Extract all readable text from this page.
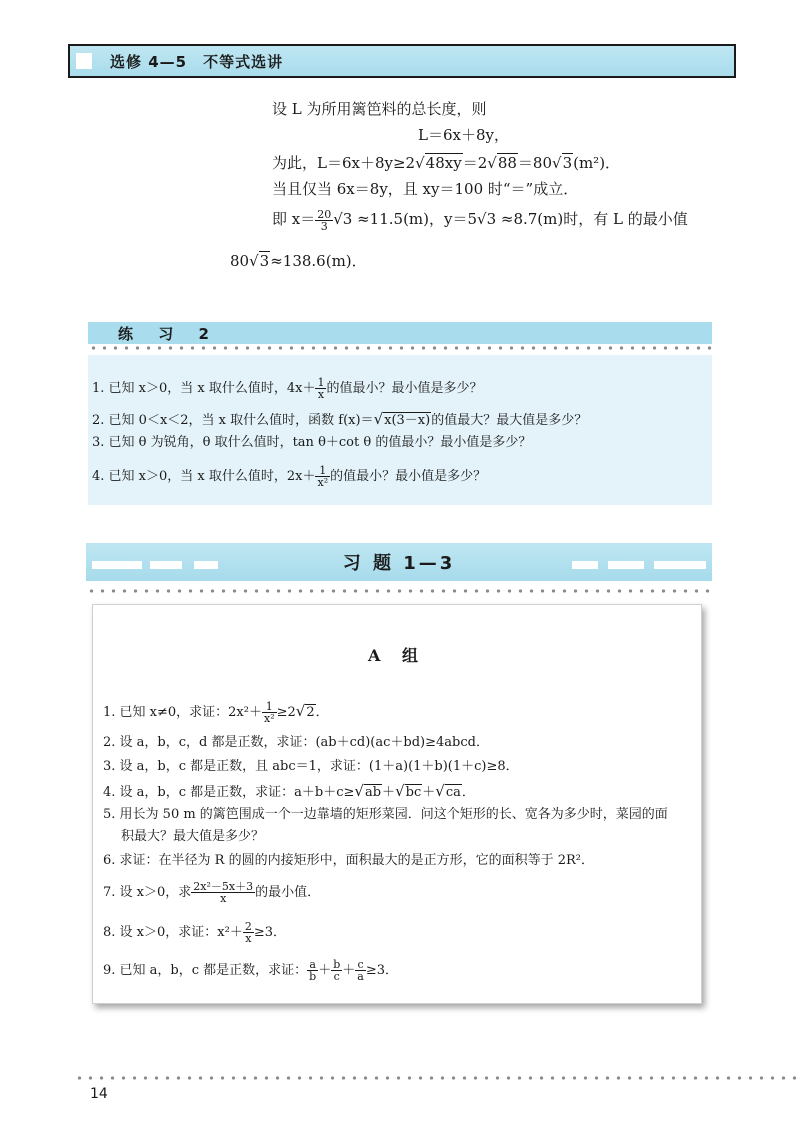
选修 4—5　不等式选讲
设 L 为所用篱笆料的总长度，则
L＝6x＋8y，
为此，L＝6x＋8y≥2√48xy＝2√88＝80√3(m²)．
当且仅当 6x＝8y，且 xy＝100 时“＝”成立．
即 $x= \frac{20}{3} √3 \approx 11.5(m)$，y＝5√3 ≈8.7(m)时，有 L 的最小值
80√3≈138.6(m)．
练 习 2
1. 已知 x＞0，当 x 取什么值时，$4x+ \frac{1}{x}$ 的值最小？最小值是多少？
2. 已知 0＜x＜2，当 x 取什么值时，函数 f(x)＝√x(3－x)的值最大？最大值是多少？
3. 已知 θ 为锐角，θ 取什么值时，tan θ＋cot θ 的值最小？最小值是多少？
4. 已知 x＞0，当 x 取什么值时，$2x+ \frac{1}{\text{x²}}$ 的值最小？最小值是多少？
习 题 1—3
A 组
1. 已知 x≠0，求证：$2x^2+ \frac{1}{\text{x²}} \ge 2√2$．
2. 设 a，b，c，d 都是正数，求证：(ab＋cd)(ac＋bd)≥4abcd．
3. 设 a，b，c 都是正数，且 abc＝1，求证：(1＋a)(1＋b)(1＋c)≥8．
4. 设 a，b，c 都是正数，求证：a＋b＋c≥√ab＋√bc＋√ca．
5. 用长为 50 m 的篱笆围成一个一边靠墙的矩形菜园．问这个矩形的长、宽各为多少时，菜园的面
积最大？最大值是多少？
6. 求证：在半径为 R 的圆的内接矩形中，面积最大的是正方形，它的面积等于 2R²．
7. 设 x＞0，求 $\frac{\text{2x²－5x＋3}}{x}$ 的最小值．
8. 设 x＞0，求证：$x^2+ \frac{2}{x} \ge 3$．
9. 已知 a，b，c 都是正数，求证： $\frac{a}{b} + \frac{b}{c} + \frac{c}{a} \ge 3$．
14
